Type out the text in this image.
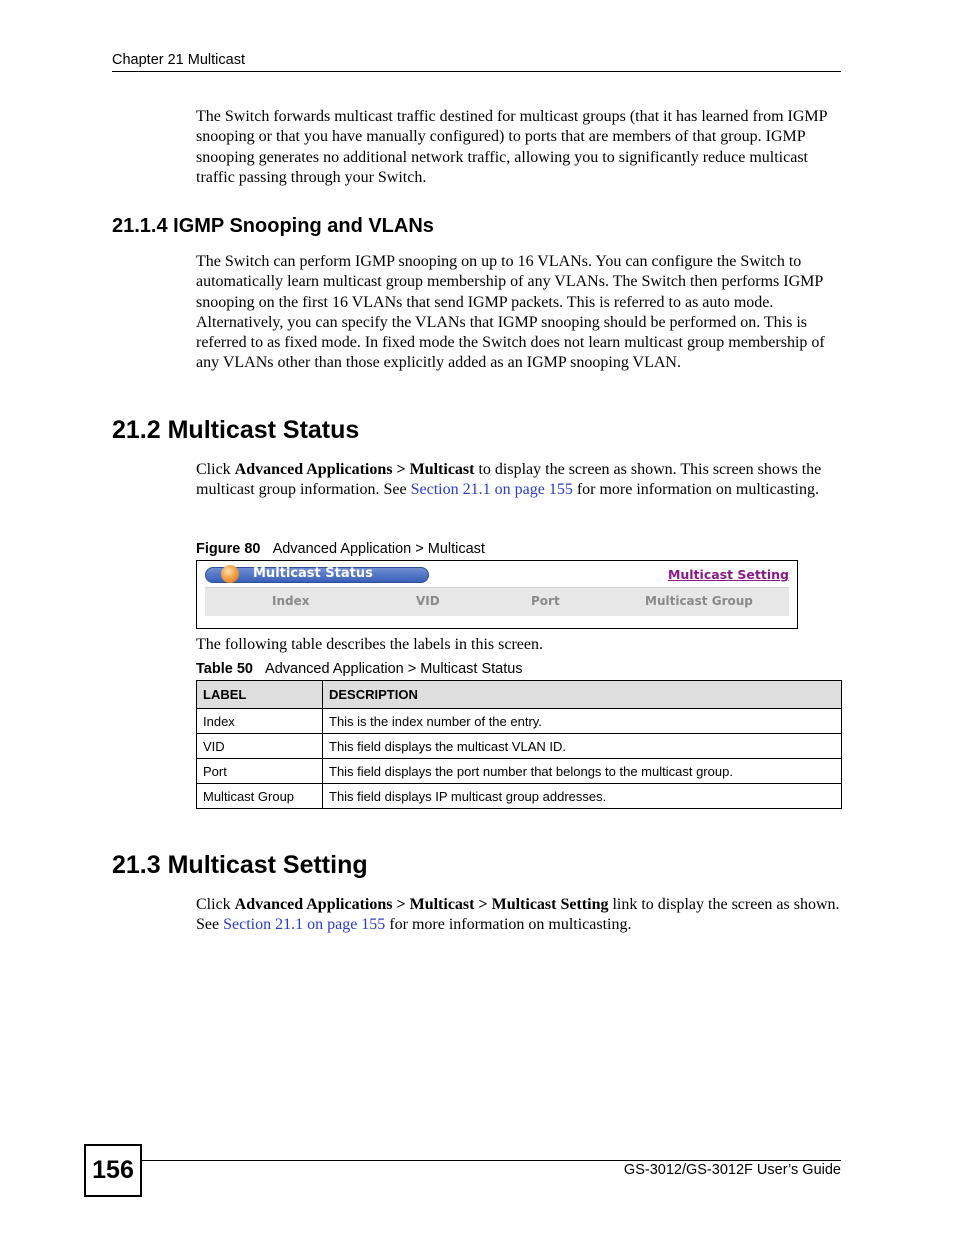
Chapter 21 Multicast
The Switch forwards multicast traffic destined for multicast groups (that it has learned from IGMP snooping or that you have manually configured) to ports that are members of that group. IGMP snooping generates no additional network traffic, allowing you to significantly reduce multicast traffic passing through your Switch.
21.1.4 IGMP Snooping and VLANs
The Switch can perform IGMP snooping on up to 16 VLANs. You can configure the Switch to automatically learn multicast group membership of any VLANs. The Switch then performs IGMP snooping on the first 16 VLANs that send IGMP packets. This is referred to as auto mode. Alternatively, you can specify the VLANs that IGMP snooping should be performed on. This is referred to as fixed mode. In fixed mode the Switch does not learn multicast group membership of any VLANs other than those explicitly added as an IGMP snooping VLAN.
21.2 Multicast Status
Click Advanced Applications > Multicast to display the screen as shown. This screen shows the multicast group information. See Section 21.1 on page 155 for more information on multicasting.
Figure 80 Advanced Application > Multicast
Multicast Status	Multicast Setting
Index	VID	Port	Multicast Group
The following table describes the labels in this screen.
Table 50 Advanced Application > Multicast Status
LABEL	DESCRIPTION
Index	This is the index number of the entry.
VID	This field displays the multicast VLAN ID.
Port	This field displays the port number that belongs to the multicast group.
Multicast Group	This field displays IP multicast group addresses.
21.3 Multicast Setting
Click Advanced Applications > Multicast > Multicast Setting link to display the screen as shown. See Section 21.1 on page 155 for more information on multicasting.
156	GS-3012/GS-3012F User’s Guide
